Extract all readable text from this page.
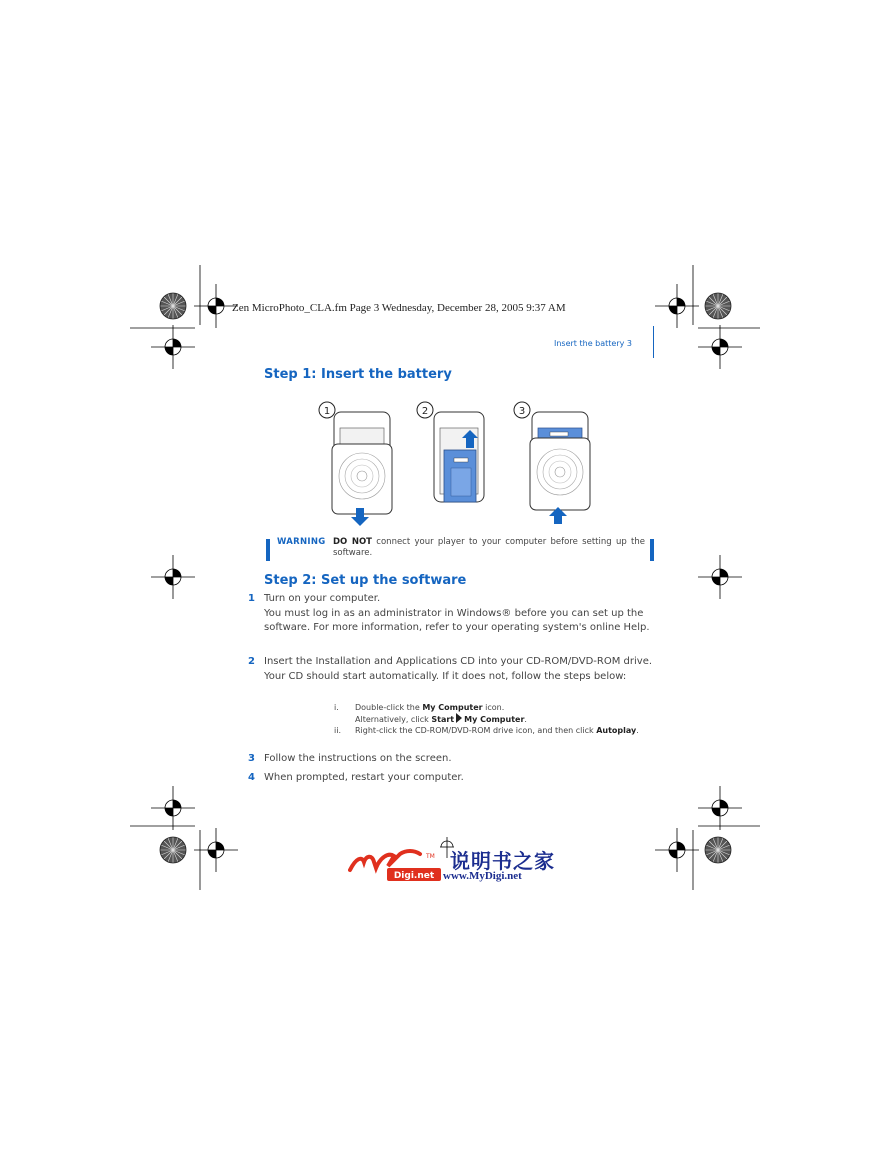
Zen MicroPhoto_CLA.fm Page 3 Wednesday, December 28, 2005 9:37 AM
Insert the battery 3
Step 1: Insert the battery
1	2	3
WARNING DO NOT connect your player to your computer before setting up the software.
Step 2: Set up the software
1 Turn on your computer.
You must log in as an administrator in Windows® before you can set up the software. For more information, refer to your operating system's online Help.
2 Insert the Installation and Applications CD into your CD-ROM/DVD-ROM drive.
Your CD should start automatically. If it does not, follow the steps below:
i.	Double-click the My Computer icon.
Alternatively, click Start My Computer.
ii.	Right-click the CD-ROM/DVD-ROM drive icon, and then click Autoplay.
3 Follow the instructions on the screen.
4 When prompted, restart your computer.
TM
Digi.net
说明书之家
www.MyDigi.net
